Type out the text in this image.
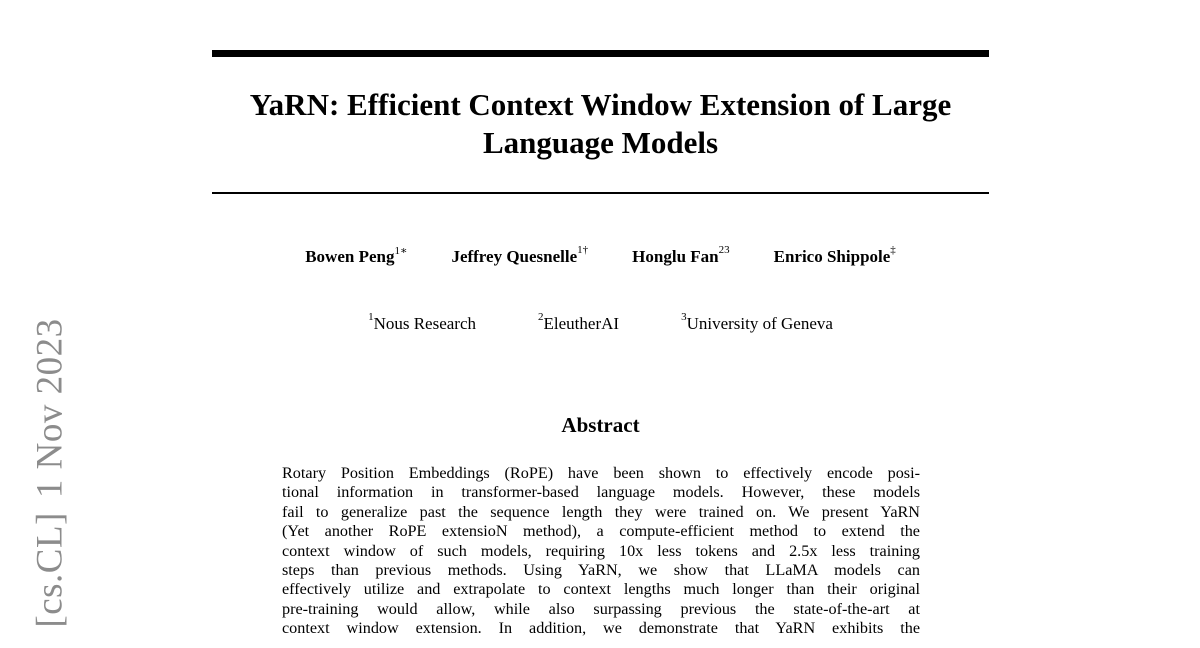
[cs.CL]1 Nov 2023
YaRN: Efficient Context Window Extension of Large
Language Models
Bowen Peng$^{1∗}$	Jeffrey Quesnelle$^{1\dagger}$	Honglu Fan$^{23}$	Enrico Shippole‡
$^1$Nous Research	$^2$EleutherAI	$^3$University of Geneva
Abstract
Rotary Position Embeddings (RoPE) have been shown to effectively encode posi-
tional information in transformer-based language models. However, these models
fail to generalize past the sequence length they were trained on. We present YaRN
(Yet another RoPE extensioN method), a compute-efficient method to extend the
context window of such models, requiring 10x less tokens and 2.5x less training
steps than previous methods. Using YaRN, we show that LLaMA models can
effectively utilize and extrapolate to context lengths much longer than their original
pre-training would allow, while also surpassing previous the state-of-the-art at
context window extension. In addition, we demonstrate that YaRN exhibits the
